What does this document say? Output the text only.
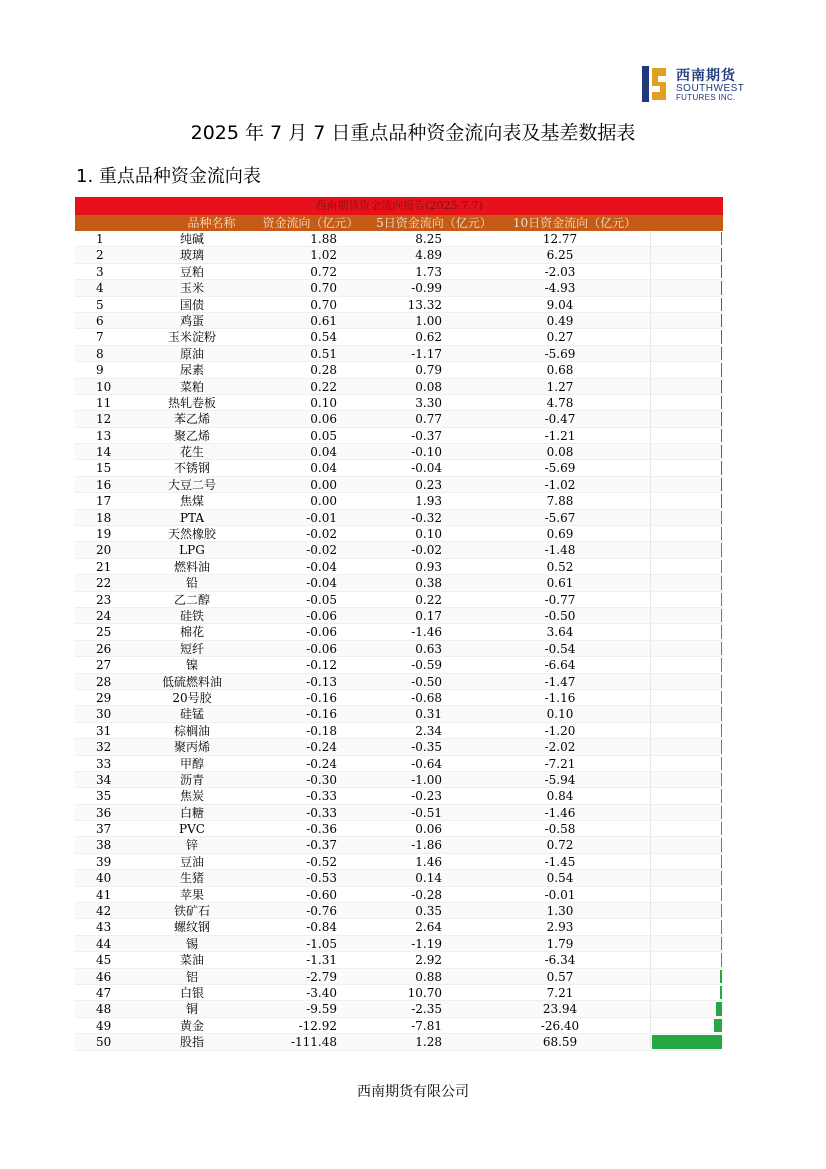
西南期货
SOUTHWEST
FUTURES INC.
2025 年 7 月 7 日重点品种资金流向表及基差数据表
1. 重点品种资金流向表
西南期货资金流向报告(2025.7.7)
品种名称	资金流向（亿元）	5日资金流向（亿元）	10日资金流向（亿元）
1	纯碱	1.88	8.25	12.77
2	玻璃	1.02	4.89	6.25
3	豆粕	0.72	1.73	-2.03
4	玉米	0.70	-0.99	-4.93
5	国债	0.70	13.32	9.04
6	鸡蛋	0.61	1.00	0.49
7	玉米淀粉	0.54	0.62	0.27
8	原油	0.51	-1.17	-5.69
9	尿素	0.28	0.79	0.68
10	菜粕	0.22	0.08	1.27
11	热轧卷板	0.10	3.30	4.78
12	苯乙烯	0.06	0.77	-0.47
13	聚乙烯	0.05	-0.37	-1.21
14	花生	0.04	-0.10	0.08
15	不锈钢	0.04	-0.04	-5.69
16	大豆二号	0.00	0.23	-1.02
17	焦煤	0.00	1.93	7.88
18	PTA	-0.01	-0.32	-5.67
19	天然橡胶	-0.02	0.10	0.69
20	LPG	-0.02	-0.02	-1.48
21	燃料油	-0.04	0.93	0.52
22	铅	-0.04	0.38	0.61
23	乙二醇	-0.05	0.22	-0.77
24	硅铁	-0.06	0.17	-0.50
25	棉花	-0.06	-1.46	3.64
26	短纤	-0.06	0.63	-0.54
27	镍	-0.12	-0.59	-6.64
28	低硫燃料油	-0.13	-0.50	-1.47
29	20号胶	-0.16	-0.68	-1.16
30	硅锰	-0.16	0.31	0.10
31	棕榈油	-0.18	2.34	-1.20
32	聚丙烯	-0.24	-0.35	-2.02
33	甲醇	-0.24	-0.64	-7.21
34	沥青	-0.30	-1.00	-5.94
35	焦炭	-0.33	-0.23	0.84
36	白糖	-0.33	-0.51	-1.46
37	PVC	-0.36	0.06	-0.58
38	锌	-0.37	-1.86	0.72
39	豆油	-0.52	1.46	-1.45
40	生猪	-0.53	0.14	0.54
41	苹果	-0.60	-0.28	-0.01
42	铁矿石	-0.76	0.35	1.30
43	螺纹钢	-0.84	2.64	2.93
44	锡	-1.05	-1.19	1.79
45	菜油	-1.31	2.92	-6.34
46	铝	-2.79	0.88	0.57
47	白银	-3.40	10.70	7.21
48	铜	-9.59	-2.35	23.94
49	黄金	-12.92	-7.81	-26.40
50	股指	-111.48	1.28	68.59
西南期货有限公司
